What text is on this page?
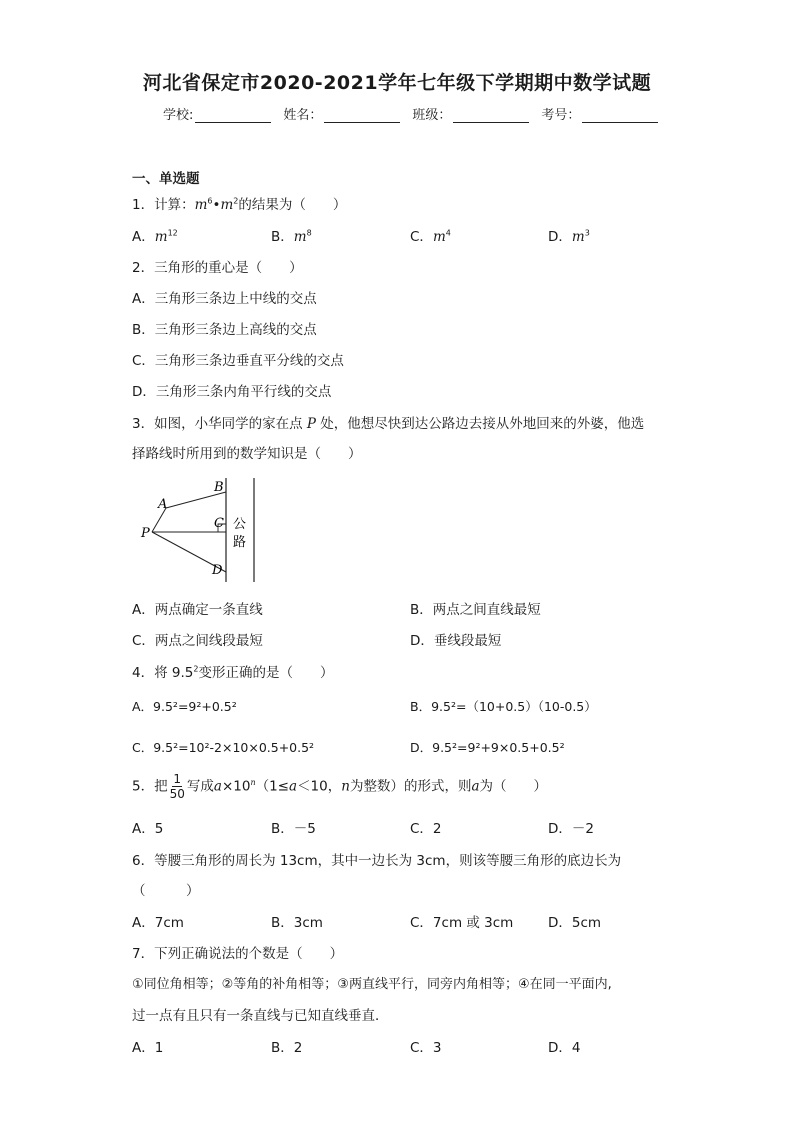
河北省保定市2020-2021学年七年级下学期期中数学试题
学校:	姓名：	班级：	考号：
一、单选题
1．计算：$m^6•m^2$的结果为（　　）
A．$m^{12}$	B．$m^8$	C．$m^4$	D．$m^3$
2．三角形的重心是（　　）
A．三角形三条边上中线的交点
B．三角形三条边上高线的交点
C．三角形三条边垂直平分线的交点
D．三角形三条内角平行线的交点
3．如图，小华同学的家在点 P 处，他想尽快到达公路边去接从外地回来的外婆，他选
择路线时所用到的数学知识是（　　）
A
B
C
D
P
公
路
A．两点确定一条直线	B．两点之间直线最短
C．两点之间线段最短	D．垂线段最短
4．将 $9.5^2$变形正确的是（　　）
A．9.5²=9²+0.5²	B．9.5²=（10+0.5）（10-0.5）
C．9.5²=10²-2×10×0.5+0.5²	D．9.5²=9²+9×0.5+0.5²
5．把 $\frac{1}{50}$ 写成$a\times 10^n(1\le a<10$，n为整数）的形式，则a为（　　）
A．5	B．－5	C．2	D．－2
6．等腰三角形的周长为 13cm，其中一边长为 3cm，则该等腰三角形的底边长为
（　　　）
A．7cm	B．3cm	C．7cm 或 3cm	D．5cm
7．下列正确说法的个数是（　　）
①同位角相等；②等角的补角相等；③两直线平行，同旁内角相等；④在同一平面内,
过一点有且只有一条直线与已知直线垂直．
A．1	B．2	C．3	D．4
